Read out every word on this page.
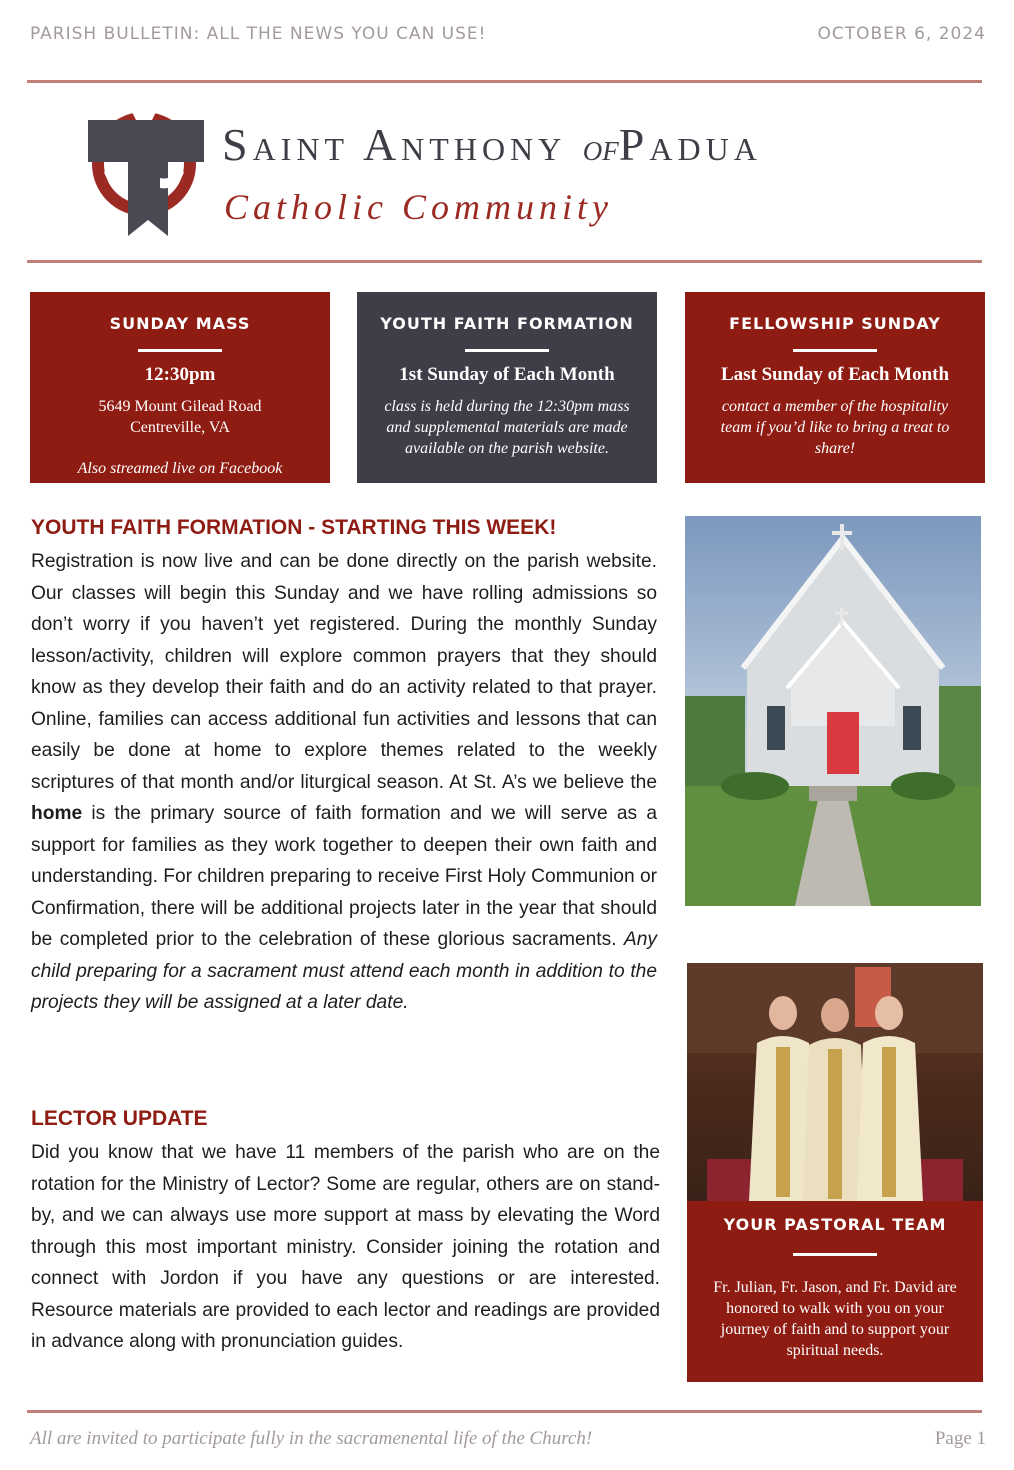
PARISH BULLETIN: ALL THE NEWS YOU CAN USE!	OCTOBER 6, 2024
Saint Anthony ofPadua
Catholic Community
SUNDAY MASS
12:30pm
5649 Mount Gilead Road
Centreville, VA
Also streamed live on Facebook
YOUTH FAITH FORMATION
1st Sunday of Each Month
class is held during the 12:30pm mass and supplemental materials are made available on the parish website.
FELLOWSHIP SUNDAY
Last Sunday of Each Month
contact a member of the hospitality team if you’d like to bring a treat to share!
YOUTH FAITH FORMATION - STARTING THIS WEEK!
Registration is now live and can be done directly on the parish website. Our classes will begin this Sunday and we have rolling admissions so don’t worry if you haven’t yet registered. During the monthly Sunday lesson/activity, children will explore common prayers that they should know as they develop their faith and do an activity related to that prayer. Online, families can access additional fun activities and lessons that can easily be done at home to explore themes related to the weekly scriptures of that month and/or liturgical season. At St. A’s we believe the home is the primary source of faith formation and we will serve as a support for families as they work together to deepen their own faith and understanding. For children preparing to receive First Holy Communion or Confirmation, there will be additional projects later in the year that should be completed prior to the celebration of these glorious sacraments. Any child preparing for a sacrament must attend each month in addition to the projects they will be assigned at a later date.
LECTOR UPDATE
Did you know that we have 11 members of the parish who are on the rotation for the Ministry of Lector? Some are regular, others are on stand-by, and we can always use more support at mass by elevating the Word through this most important ministry. Consider joining the rotation and connect with Jordon if you have any questions or are interested. Resource materials are provided to each lector and readings are provided in advance along with pronunciation guides.
YOUR PASTORAL TEAM
Fr. Julian, Fr. Jason, and Fr. David are honored to walk with you on your journey of faith and to support your spiritual needs.
All are invited to participate fully in the sacramenental life of the Church!	Page 1
